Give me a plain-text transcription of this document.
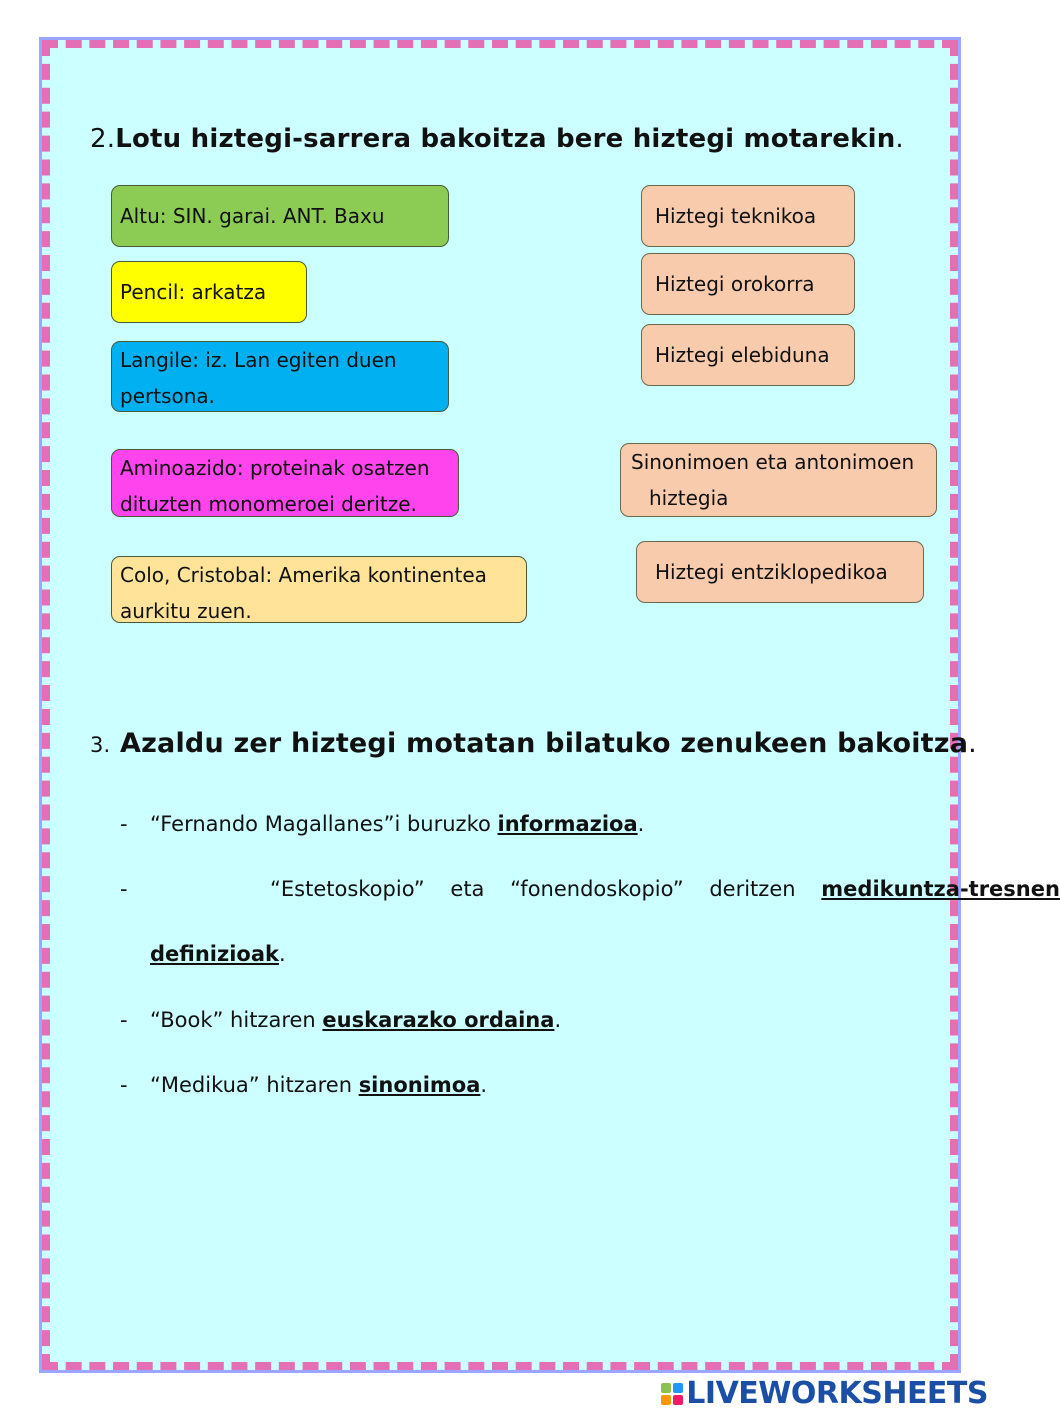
2.Lotu hiztegi-sarrera bakoitza bere hiztegi motarekin.
Altu: SIN. garai. ANT. Baxu
Pencil: arkatza
Langile: iz. Lan egiten duen
pertsona.
Aminoazido: proteinak osatzen
dituzten monomeroei deritze.
Colo, Cristobal: Amerika kontinentea
aurkitu zuen.
Hiztegi teknikoa
Hiztegi orokorra
Hiztegi elebiduna
Sinonimoen eta antonimoen
hiztegia
Hiztegi entziklopedikoa
3. Azaldu zer hiztegi motatan bilatuko zenukeen bakoitza.
- “Fernando Magallanes”i buruzko informazioa.
-	“Estetoskopio” eta “fonendoskopio” deritzen medikuntza-tresnen
definizioak.
- “Book” hitzaren euskarazko ordaina.
- “Medikua” hitzaren sinonimoa.
LIVEWORKSHEETS
